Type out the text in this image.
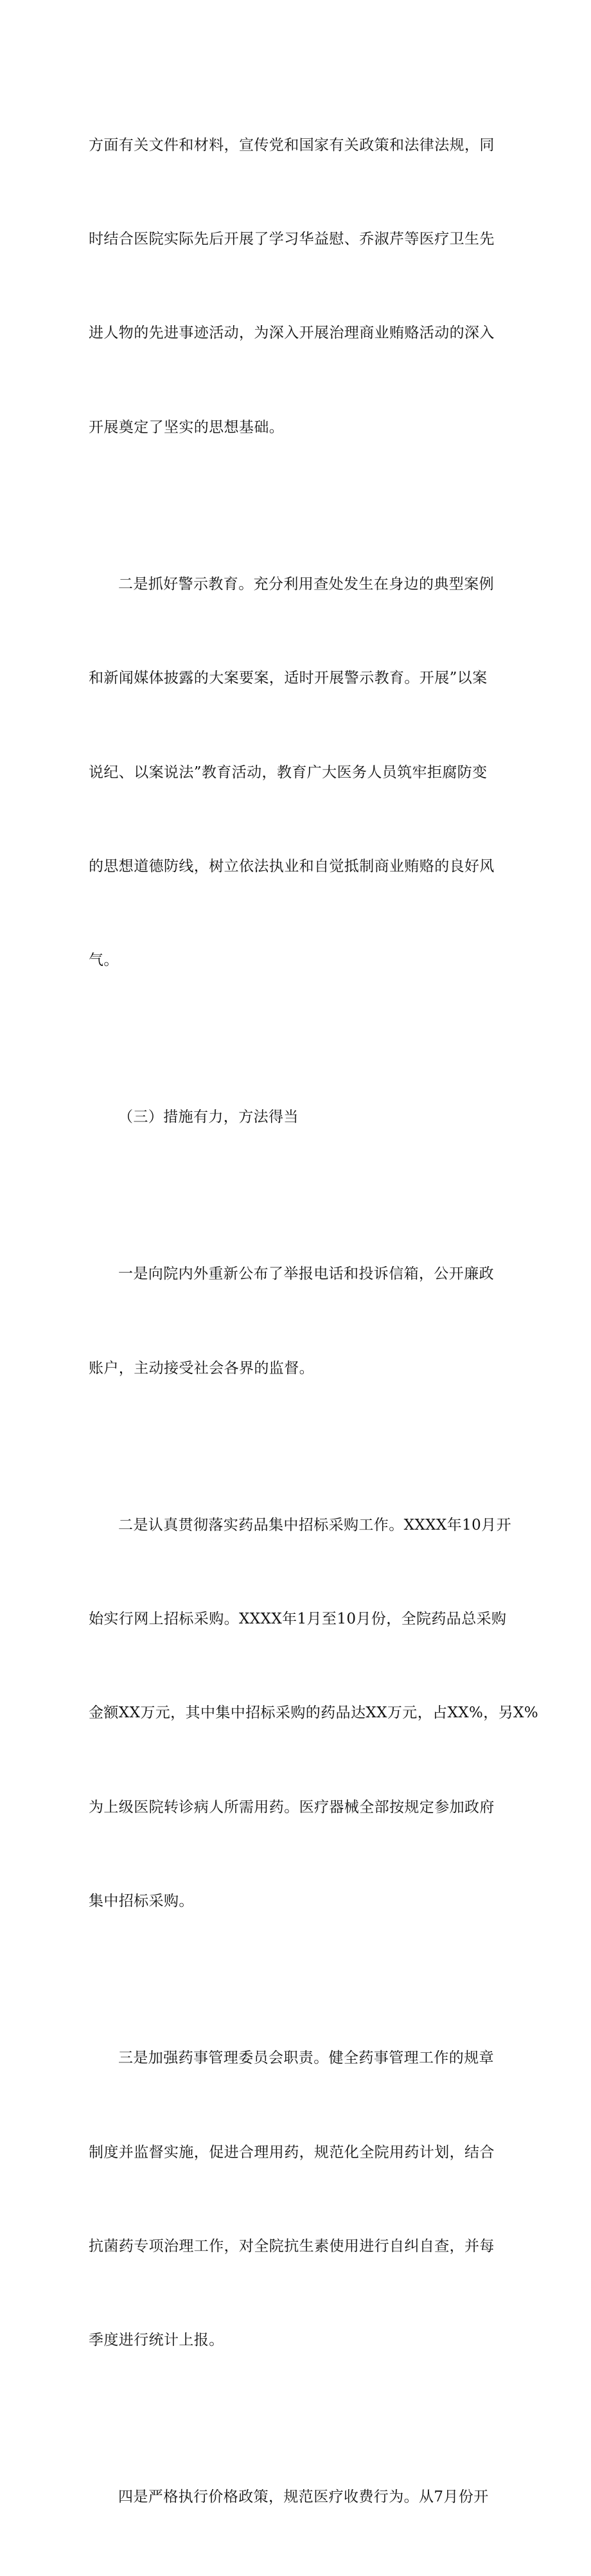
方面有关文件和材料，宣传党和国家有关政策和法律法规，同

时结合医院实际先后开展了学习华益慰、乔淑芹等医疗卫生先

进人物的先进事迹活动，为深入开展治理商业贿赂活动的深入

开展奠定了坚实的思想基础。

二是抓好警示教育。充分利用查处发生在身边的典型案例

和新闻媒体披露的大案要案，适时开展警示教育。开展”以案

说纪、以案说法”教育活动，教育广大医务人员筑牢拒腐防变

的思想道德防线，树立依法执业和自觉抵制商业贿赂的良好风

气。

（三）措施有力，方法得当

一是向院内外重新公布了举报电话和投诉信箱，公开廉政

账户，主动接受社会各界的监督。

二是认真贯彻落实药品集中招标采购工作。XXXX年10月开

始实行网上招标采购。XXXX年1月至10月份，全院药品总采购

金额XX万元，其中集中招标采购的药品达XX万元，占XX%，另X%

为上级医院转诊病人所需用药。医疗器械全部按规定参加政府

集中招标采购。

三是加强药事管理委员会职责。健全药事管理工作的规章

制度并监督实施，促进合理用药，规范化全院用药计划，结合

抗菌药专项治理工作，对全院抗生素使用进行自纠自查，并每

季度进行统计上报。

四是严格执行价格政策，规范医疗收费行为。从7月份开
